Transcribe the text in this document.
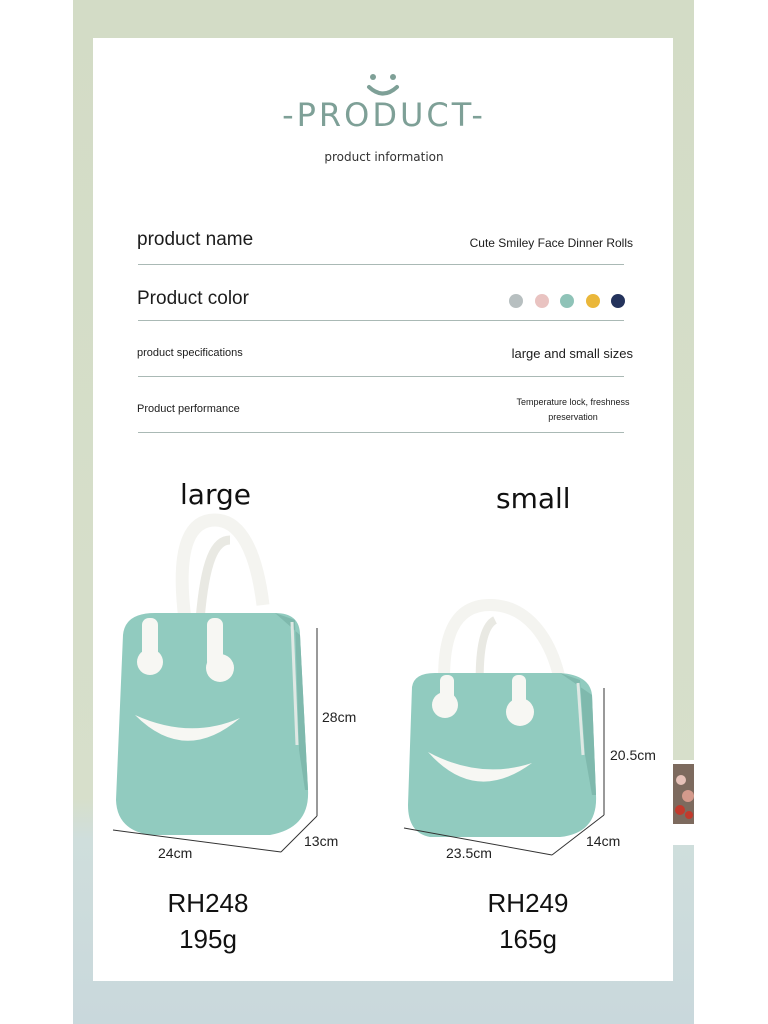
-PRODUCT-
product information
product name	Cute Smiley Face Dinner Rolls
Product color
product specifications	large and small sizes
Product performance
Temperature lock, freshness
preservation
large	small
28cm
24cm
13cm
20.5cm
23.5cm
14cm
RH248
195g
RH249
165g
